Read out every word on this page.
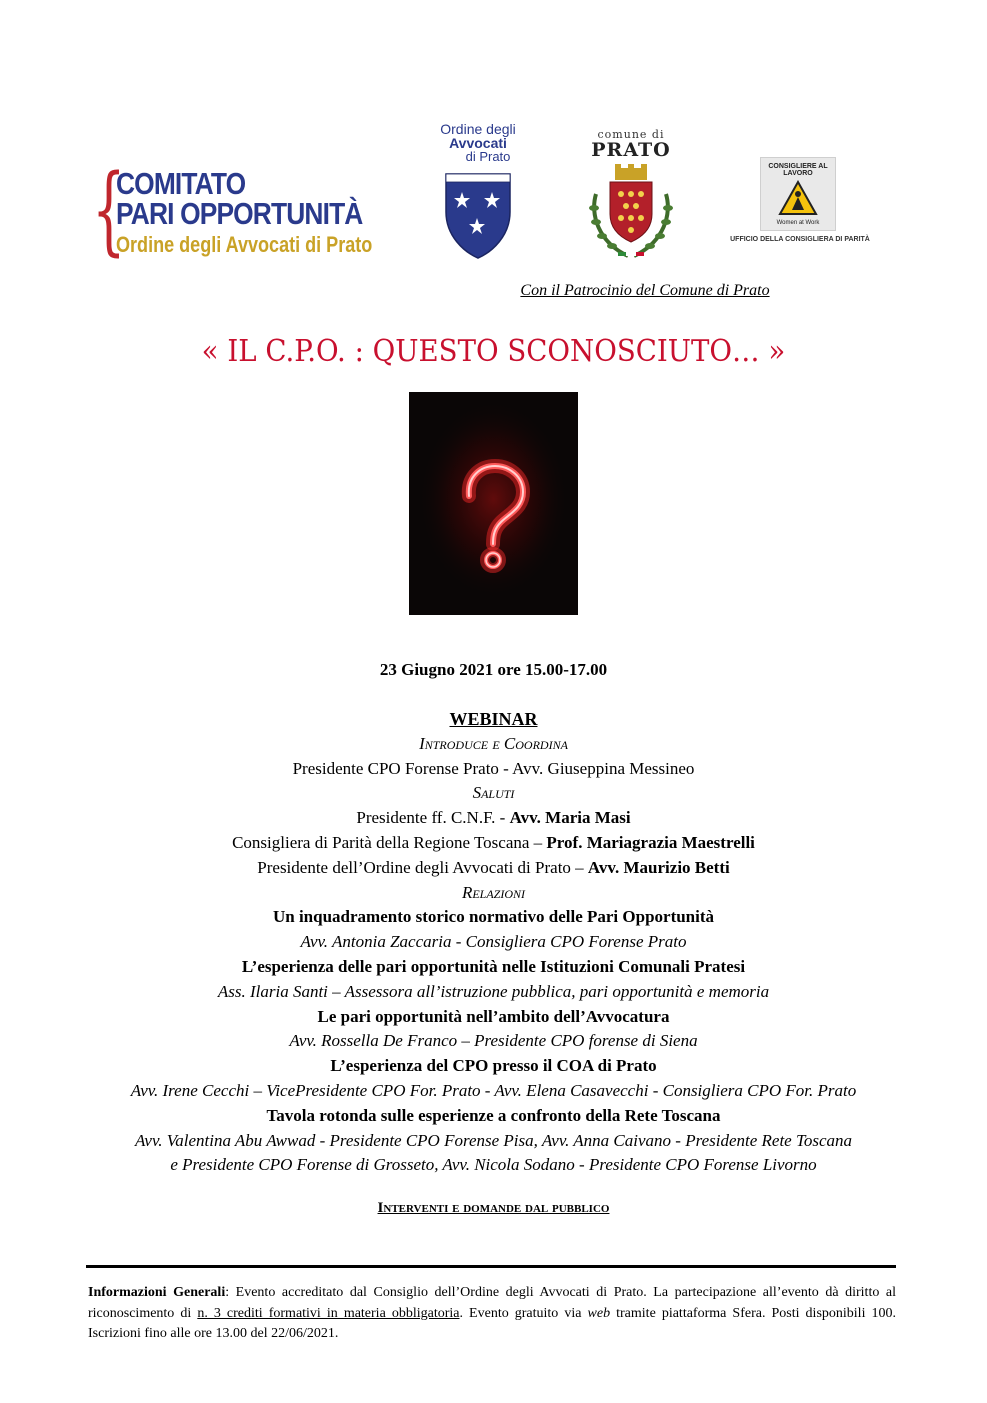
{
COMITATO
PARI OPPORTUNITÀ
Ordine degli Avvocati di Prato
Ordine degli
Avvocati
di Prato
comune di
PRATO
CONSIGLIERE AL LAVORO
Women at Work
UFFICIO DELLA CONSIGLIERA DI PARITÀ
Con il Patrocinio del Comune di Prato
« IL C.P.O. : QUESTO SCONOSCIUTO… »
23 Giugno 2021 ore 15.00-17.00
WEBINAR
Introduce e Coordina
Presidente CPO Forense Prato - Avv. Giuseppina Messineo
Saluti
Presidente ff. C.N.F. - Avv. Maria Masi
Consigliera di Parità della Regione Toscana – Prof. Mariagrazia Maestrelli
Presidente dell’Ordine degli Avvocati di Prato – Avv. Maurizio Betti
Relazioni
Un inquadramento storico normativo delle Pari Opportunità
Avv. Antonia Zaccaria - Consigliera CPO Forense Prato
L’esperienza delle pari opportunità nelle Istituzioni Comunali Pratesi
Ass. Ilaria Santi – Assessora all’istruzione pubblica, pari opportunità e memoria
Le pari opportunità nell’ambito dell’Avvocatura
Avv. Rossella De Franco – Presidente CPO forense di Siena
L’esperienza del CPO presso il COA di Prato
Avv. Irene Cecchi – VicePresidente CPO For. Prato - Avv. Elena Casavecchi - Consigliera CPO For. Prato
Tavola rotonda sulle esperienze a confronto della Rete Toscana
Avv. Valentina Abu Awwad - Presidente CPO Forense Pisa, Avv. Anna Caivano - Presidente Rete Toscana
e Presidente CPO Forense di Grosseto, Avv. Nicola Sodano - Presidente CPO Forense Livorno
Interventi e domande dal pubblico
Informazioni Generali: Evento accreditato dal Consiglio dell’Ordine degli Avvocati di Prato. La partecipazione all’evento dà diritto al riconoscimento di n. 3 crediti formativi in materia obbligatoria. Evento gratuito via web tramite piattaforma Sfera. Posti disponibili 100. Iscrizioni fino alle ore 13.00 del 22/06/2021.
